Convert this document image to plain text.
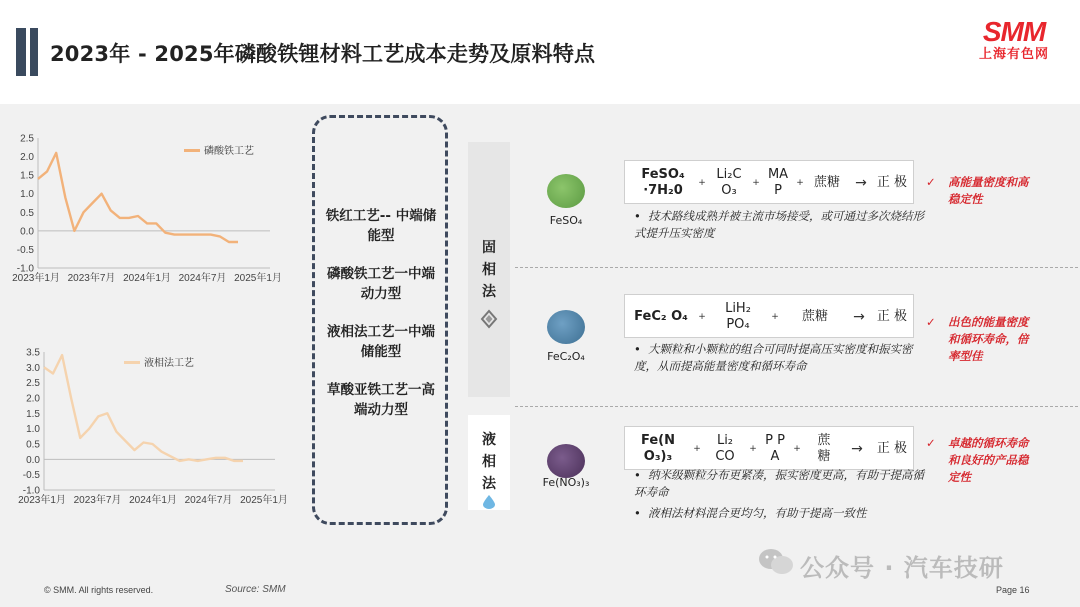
2023年 - 2025年磷酸铁锂材料工艺成本走势及原料特点
SMM
上海有色网
2.5
2.0
1.5
1.0
0.5
0.0
-0.5
-1.0
2023年1月 2023年7月 2024年1月 2024年7月 2025年1月
磷酸铁工艺
3.5
3.0
2.5
2.0
1.5
1.0
0.5
0.0
-0.5
-1.0
2023年1月 2023年7月 2024年1月 2024年7月 2025年1月
液相法工艺
铁红工艺-- 中端储能型
磷酸铁工艺一中端动力型
液相法工艺一中端储能型
草酸亚铁工艺一高端动力型
固
相
法
液
相
法
FeSO₄
FeSO₄ ·7H₂0	+
Li₂C O₃	+
MA P	+ 蔗糖	→ 正 极
• 技术路线成熟并被主流市场接受，或可通过多次烧结形式提升压实密度
✓	高能量密度和高稳定性
FeC₂O₄
FeC₂ O₄	+
LiH₂ PO₄	+	蔗糖	→ 正 极
• 大颗粒和小颗粒的组合可同时提高压实密度和振实密度，从而提高能量密度和循环寿命
✓	出色的能量密度和循环寿命，倍率型佳
Fe(NO₃)₃
Fe(N O₃)₃	+
Li₂ CO	+
P P A	+
蔗 糖	→	正 极
• 纳米级颗粒分布更紧凑，振实密度更高，有助于提高循环寿命
• 液相法材料混合更均匀，有助于提高一致性
✓	卓越的循环寿命和良好的产品稳定性
公众号 · 汽车技研
© SMM. All rights reserved.	Source: SMM	Page 16
